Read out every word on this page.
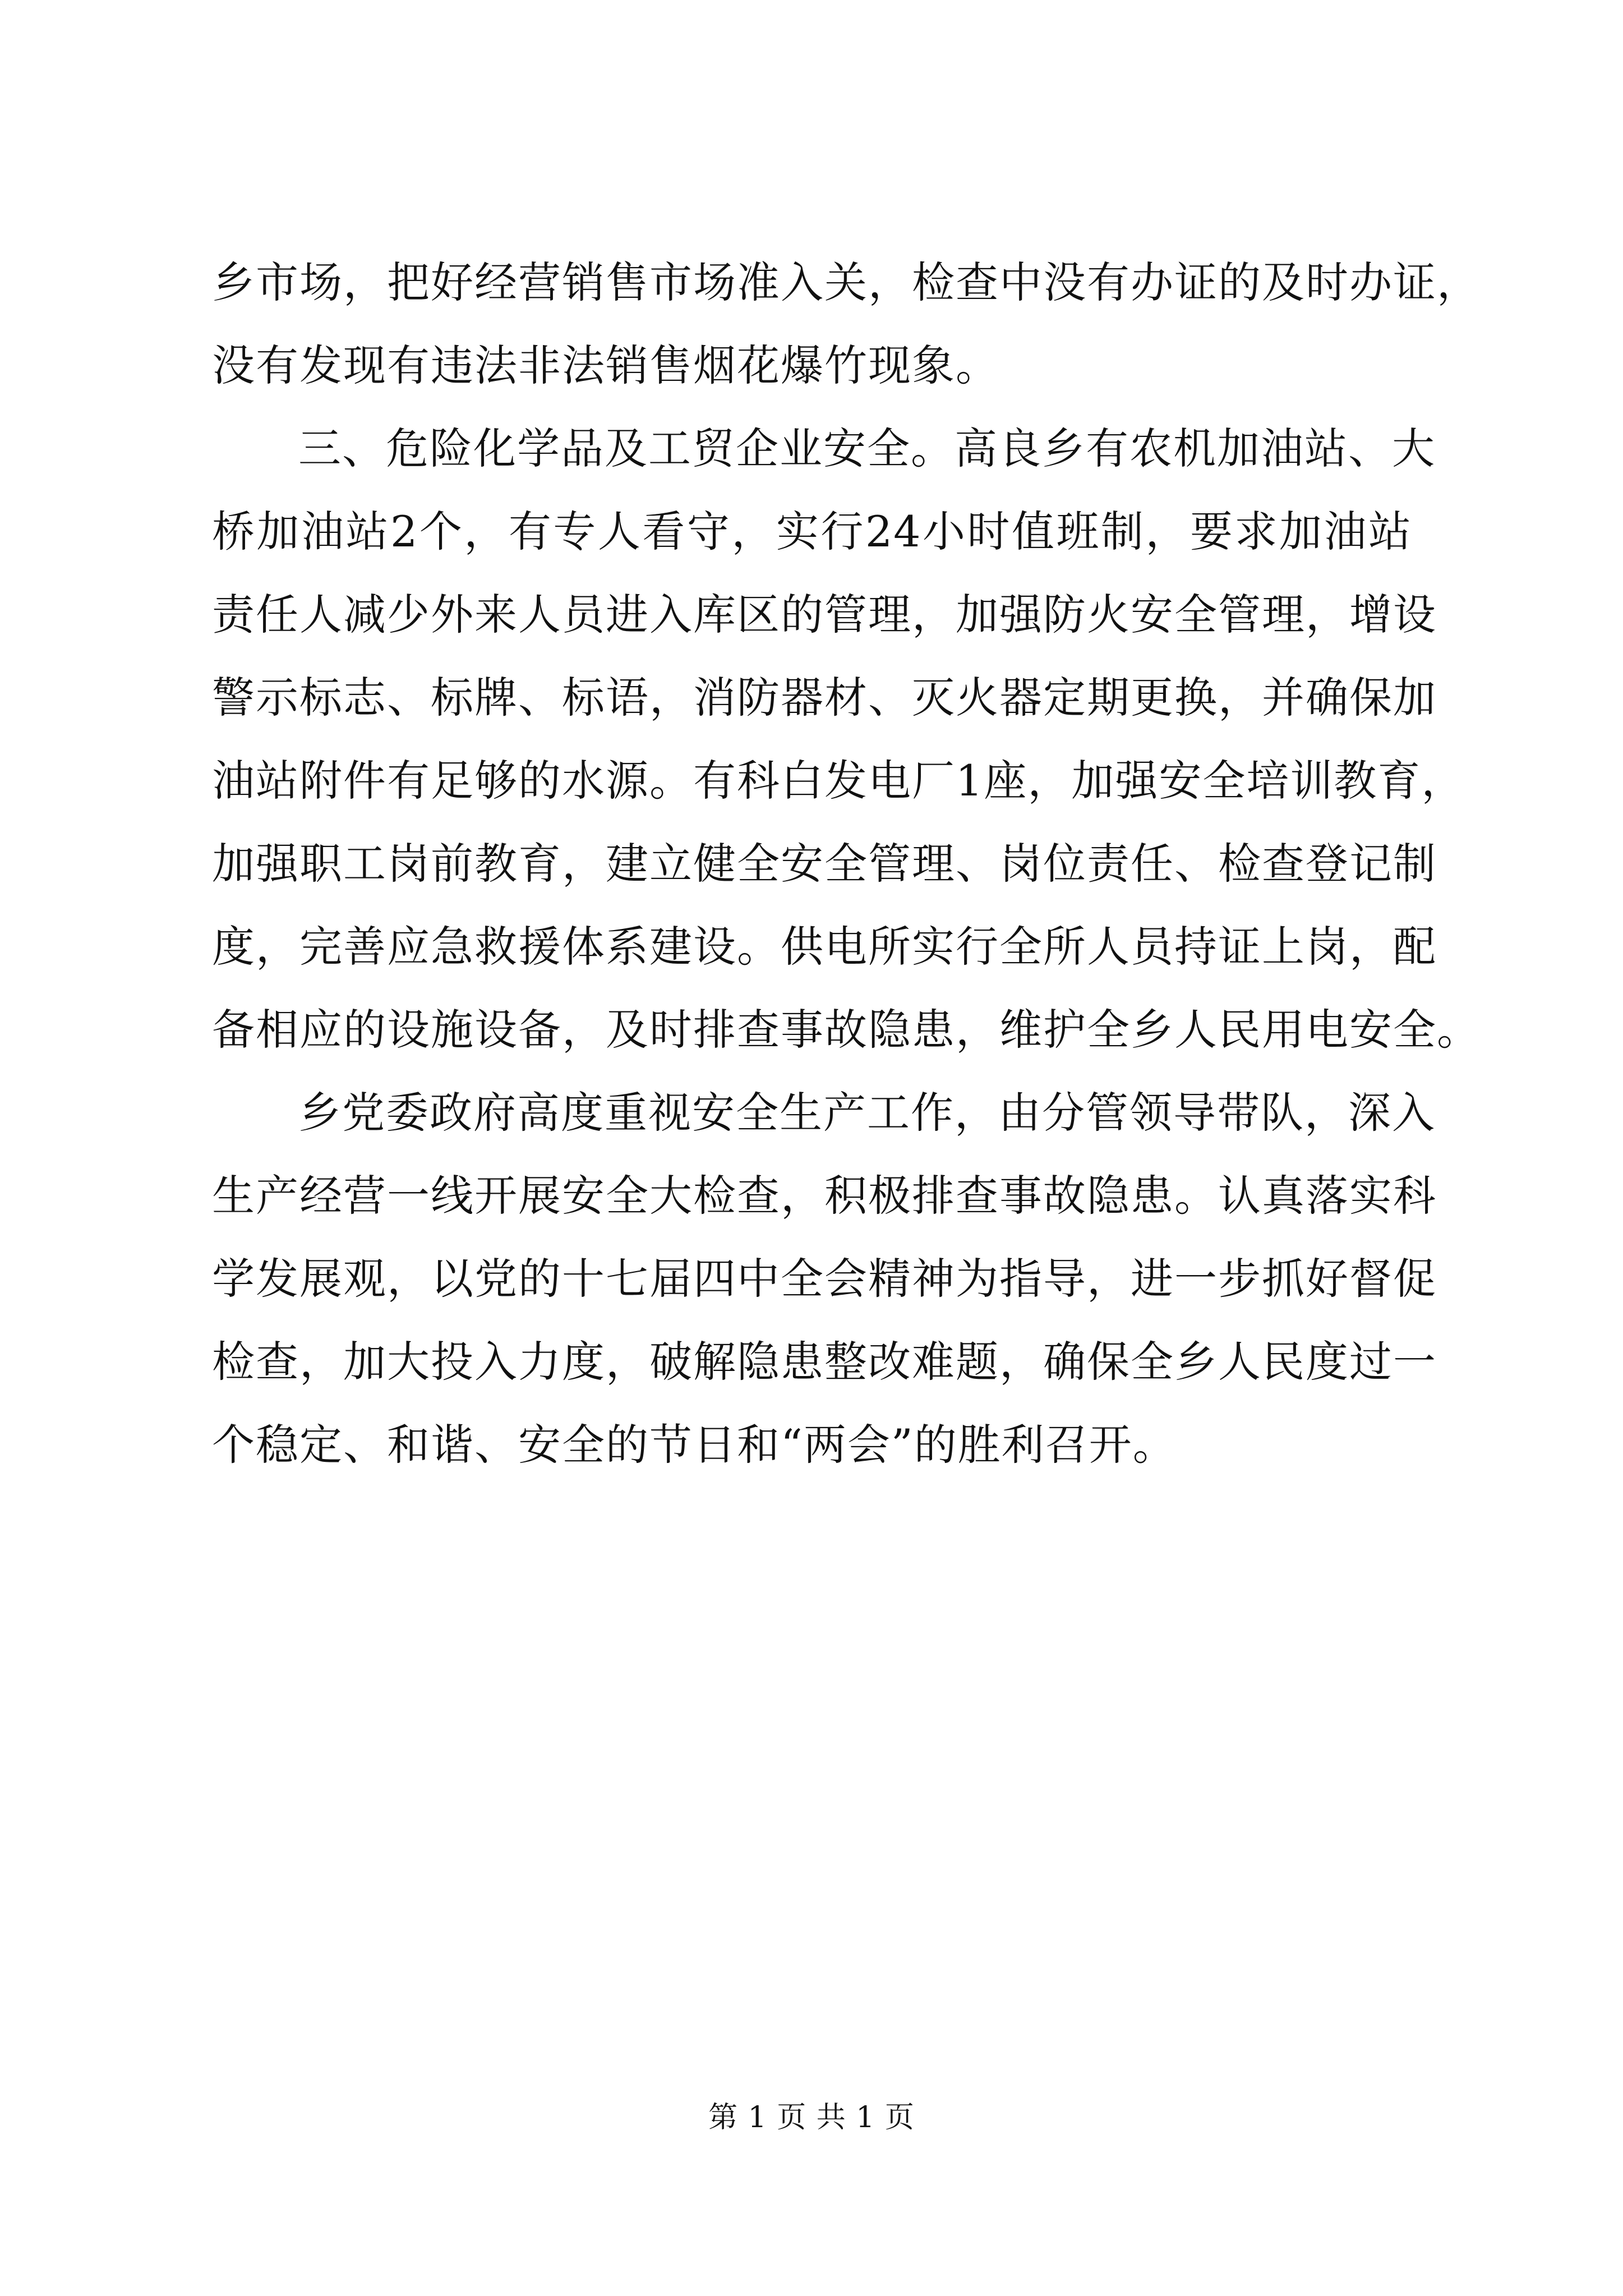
乡市场，把好经营销售市场准入关，检查中没有办证的及时办证，
没有发现有违法非法销售烟花爆竹现象。
三、危险化学品及工贸企业安全。高良乡有农机加油站、大
桥加油站2个，有专人看守，实行24小时值班制，要求加油站
责任人减少外来人员进入库区的管理，加强防火安全管理，增设
警示标志、标牌、标语，消防器材、灭火器定期更换，并确保加
油站附件有足够的水源。有科白发电厂1座，加强安全培训教育，
加强职工岗前教育，建立健全安全管理、岗位责任、检查登记制
度，完善应急救援体系建设。供电所实行全所人员持证上岗，配
备相应的设施设备，及时排查事故隐患，维护全乡人民用电安全。
乡党委政府高度重视安全生产工作，由分管领导带队，深入
生产经营一线开展安全大检查，积极排查事故隐患。认真落实科
学发展观，以党的十七届四中全会精神为指导，进一步抓好督促
检查，加大投入力度，破解隐患整改难题，确保全乡人民度过一
个稳定、和谐、安全的节日和“两会”的胜利召开。
第 1 页 共 1 页
